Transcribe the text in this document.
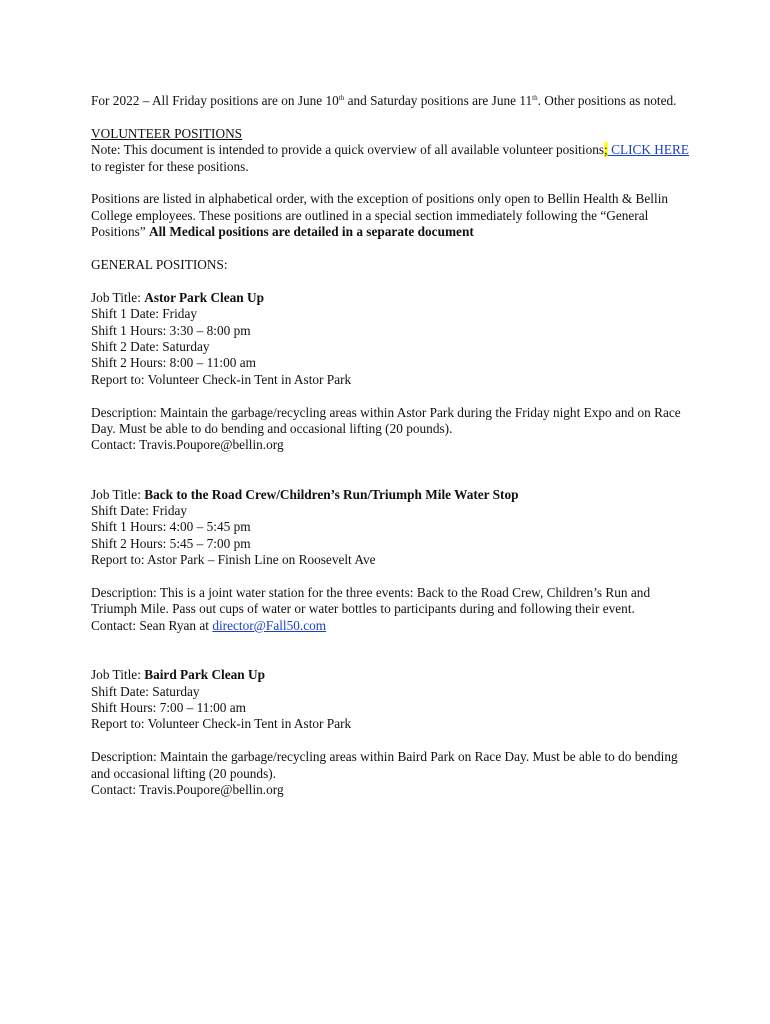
For 2022 – All Friday positions are on June 10th and Saturday positions are June 11th. Other positions as noted.

VOLUNTEER POSITIONS

Note: This document is intended to provide a quick overview of all available volunteer positions; CLICK HERE to register for these positions.

Positions are listed in alphabetical order, with the exception of positions only open to Bellin Health & Bellin College employees. These positions are outlined in a special section immediately following the “General Positions” All Medical positions are detailed in a separate document

GENERAL POSITIONS:

Job Title: Astor Park Clean Up

Shift 1 Date: Friday

Shift 1 Hours: 3:30 – 8:00 pm

Shift 2 Date: Saturday

Shift 2 Hours: 8:00 – 11:00 am

Report to: Volunteer Check-in Tent in Astor Park

Description: Maintain the garbage/recycling areas within Astor Park during the Friday night Expo and on Race Day. Must be able to do bending and occasional lifting (20 pounds).

Contact: Travis.Poupore@bellin.org

Job Title: Back to the Road Crew/Children’s Run/Triumph Mile Water Stop

Shift Date: Friday

Shift 1 Hours: 4:00 – 5:45 pm

Shift 2 Hours: 5:45 – 7:00 pm

Report to: Astor Park – Finish Line on Roosevelt Ave

Description: This is a joint water station for the three events: Back to the Road Crew, Children’s Run and Triumph Mile. Pass out cups of water or water bottles to participants during and following their event.

Contact: Sean Ryan at director@Fall50.com

Job Title: Baird Park Clean Up

Shift Date: Saturday

Shift Hours: 7:00 – 11:00 am

Report to: Volunteer Check-in Tent in Astor Park

Description: Maintain the garbage/recycling areas within Baird Park on Race Day. Must be able to do bending and occasional lifting (20 pounds).

Contact: Travis.Poupore@bellin.org
